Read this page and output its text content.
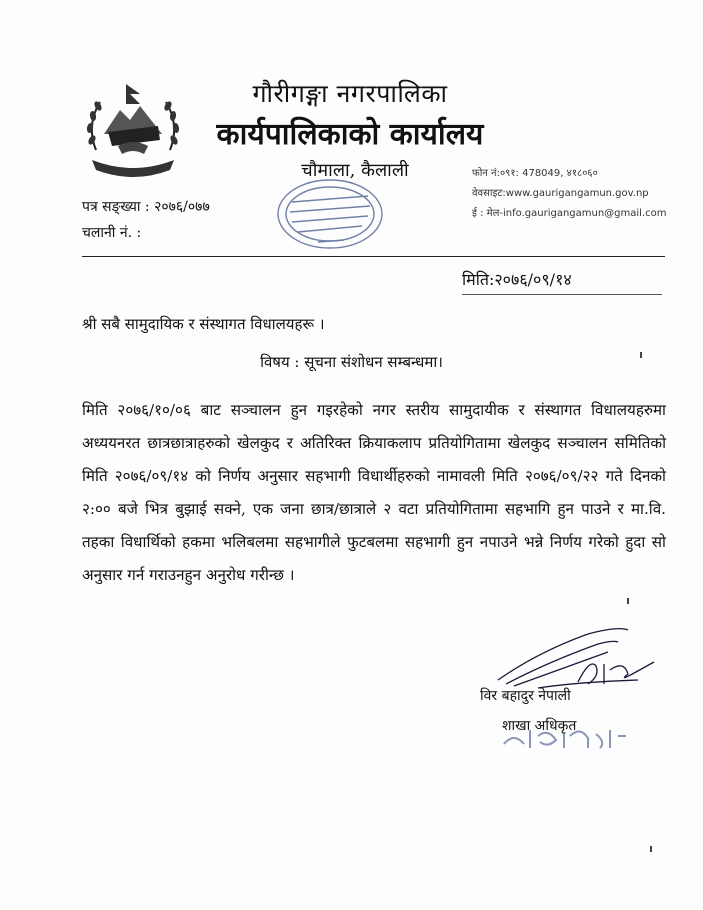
गौरीगङ्गा नगरपालिका
कार्यपालिकाको कार्यालय
चौमाला, कैलाली	फोन नं:०९१: 478049, ४१८०६०
वेवसाइट:www.gaurigangamun.gov.np
ई : मेल-info.gaurigangamun@gmail.com
पत्र सङ्ख्या : २०७६/०७७
चलानी नं. :
मिति:२०७६/०९/१४
श्री सबै सामुदायिक र संस्थागत विधालयहरू ।
विषय : सूचना संशोधन सम्बन्धमा।

मिति २०७६/१०/०६ बाट सञ्चालन हुन गइरहेको नगर स्तरीय सामुदायीक र संस्थागत विधालयहरुमा अध्ययनरत छात्रछात्राहरुको खेलकुद र अतिरिक्त क्रियाकलाप प्रतियोगितामा खेलकुद सञ्चालन समितिको मिति २०७६/०९/१४ को निर्णय अनुसार सहभागी विधार्थीहरुको नामावली मिति २०७६/०९/२२ गते दिनको २:०० बजे भित्र बुझाई सक्ने, एक जना छात्र/छात्राले २ वटा प्रतियोगितामा सहभागि हुन पाउने र मा.वि. तहका विधार्थिको हकमा भलिबलमा सहभागीले फुटबलमा सहभागी हुन नपाउने भन्ने निर्णय गरेको हुदा सो अनुसार गर्न गराउनहुन अनुरोध गरीन्छ ।

विर बहादुर नेपाली
शाखा अधिकृत
